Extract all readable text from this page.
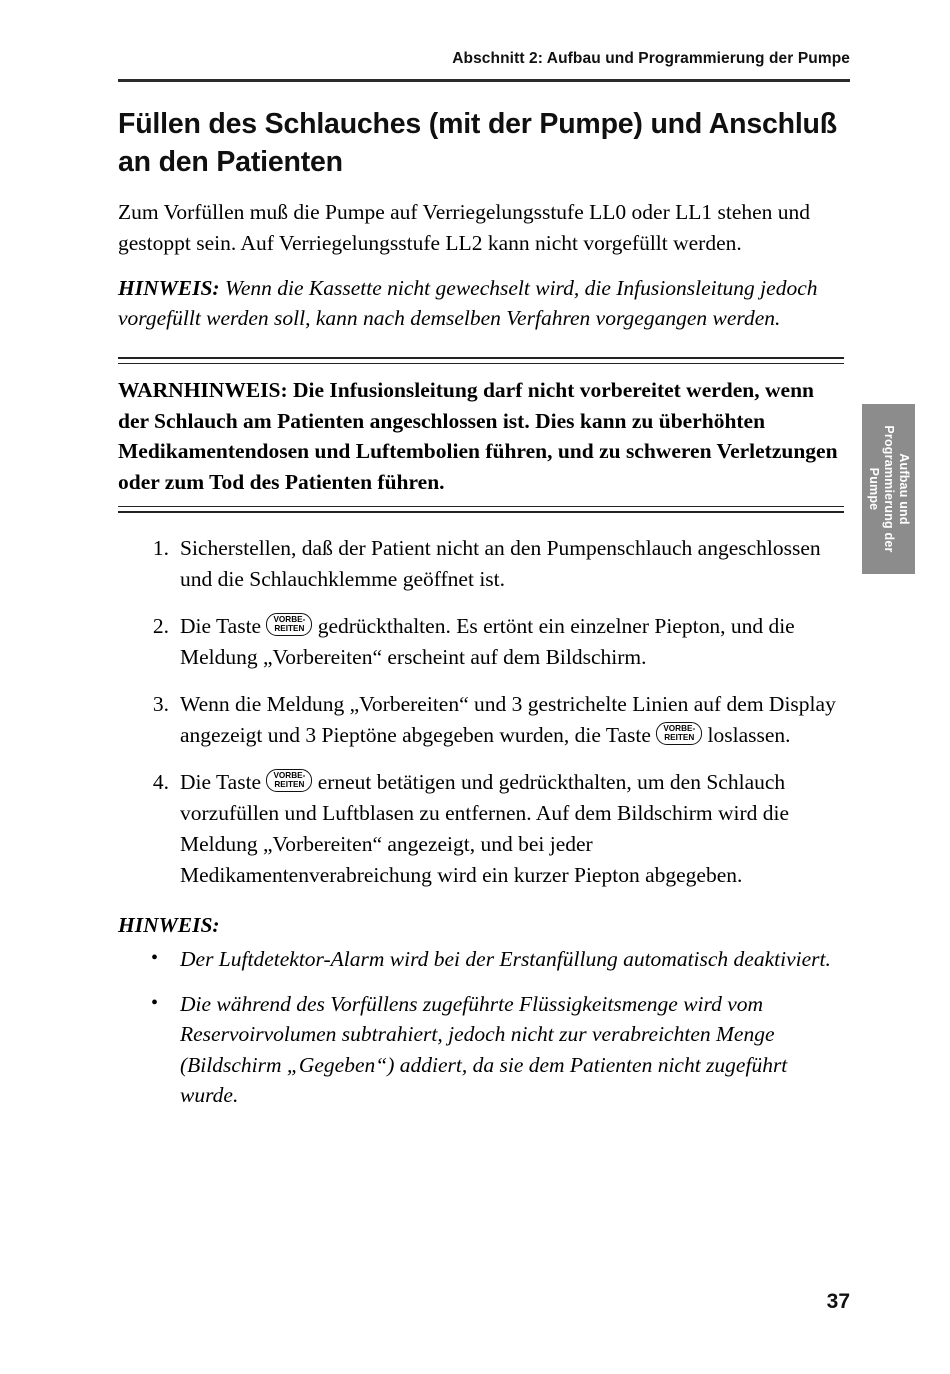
Abschnitt 2: Aufbau und Programmierung der Pumpe
Aufbau und Programmierung der Pumpe
Füllen des Schlauches (mit der Pumpe) und Anschluß an den Patienten

Zum Vorfüllen muß die Pumpe auf Verriegelungsstufe LL0 oder LL1 stehen und gestoppt sein. Auf Verriegelungsstufe LL2 kann nicht vorgefüllt werden.

HINWEIS: Wenn die Kassette nicht gewechselt wird, die Infusionsleitung jedoch vorgefüllt werden soll, kann nach demselben Verfahren vorgegangen werden.

WARNHINWEIS: Die Infusionsleitung darf nicht vorbereitet werden, wenn der Schlauch am Patienten angeschlossen ist. Dies kann zu überhöhten Medikamentendosen und Luftembolien führen, und zu schweren Verletzungen oder zum Tod des Patienten führen.
1. Sicherstellen, daß der Patient nicht an den Pumpenschlauch angeschlossen und die Schlauchklemme geöffnet ist.
2. Die Taste VORBE-
REITEN gedrückthalten. Es ertönt ein einzelner Piepton, und die Meldung „Vorbereiten“ erscheint auf dem Bildschirm.
3. Wenn die Meldung „Vorbereiten“ und 3 gestrichelte Linien auf dem Display angezeigt und 3 Pieptöne abgegeben wurden, die Taste VORBE-
REITEN loslassen.
4. Die Taste VORBE-
REITEN erneut betätigen und gedrückthalten, um den Schlauch vorzufüllen und Luftblasen zu entfernen. Auf dem Bildschirm wird die Meldung „Vorbereiten“ angezeigt, und bei jeder Medikamentenverabreichung wird ein kurzer Piepton abgegeben.
HINWEIS:
• Der Luftdetektor-Alarm wird bei der Erstanfüllung automatisch deaktiviert.
• Die während des Vorfüllens zugeführte Flüssigkeitsmenge wird vom Reservoirvolumen subtrahiert, jedoch nicht zur verabreichten Menge (Bildschirm „Gegeben“) addiert, da sie dem Patienten nicht zugeführt wurde.
37
